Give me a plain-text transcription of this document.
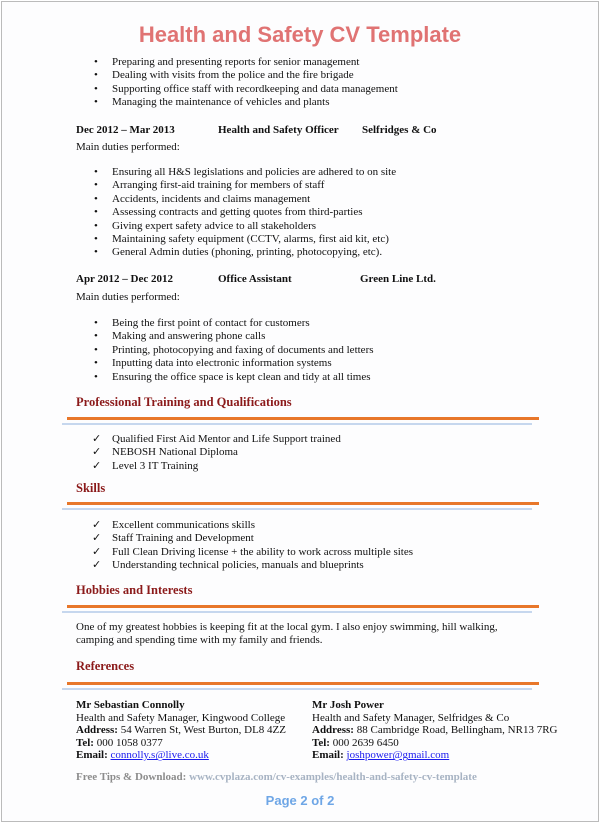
Health and Safety CV Template
• Preparing and presenting reports for senior management
• Dealing with visits from the police and the fire brigade
• Supporting office staff with recordkeeping and data management
• Managing the maintenance of vehicles and plants
Dec 2012 – Mar 2013	Health and Safety Officer Selfridges & Co
Main duties performed:
• Ensuring all H&S legislations and policies are adhered to on site
• Arranging first-aid training for members of staff
• Accidents, incidents and claims management
• Assessing contracts and getting quotes from third-parties
• Giving expert safety advice to all stakeholders
• Maintaining safety equipment (CCTV, alarms, first aid kit, etc)
• General Admin duties (phoning, printing, photocopying, etc).
Apr 2012 – Dec 2012	Office Assistant	Green Line Ltd.
Main duties performed:
• Being the first point of contact for customers
• Making and answering phone calls
• Printing, photocopying and faxing of documents and letters
• Inputting data into electronic information systems
• Ensuring the office space is kept clean and tidy at all times
Professional Training and Qualifications
✓ Qualified First Aid Mentor and Life Support trained
✓ NEBOSH National Diploma
✓ Level 3 IT Training
Skills
✓ Excellent communications skills
✓ Staff Training and Development
✓ Full Clean Driving license + the ability to work across multiple sites
✓ Understanding technical policies, manuals and blueprints
Hobbies and Interests
One of my greatest hobbies is keeping fit at the local gym. I also enjoy swimming, hill walking, camping and spending time with my family and friends.
References
Mr Sebastian Connolly
Health and Safety Manager, Kingwood College
Address: 54 Warren St, West Burton, DL8 4ZZ
Tel: 000 1058 0377
Email: connolly.s@live.co.uk
Mr Josh Power
Health and Safety Manager, Selfridges & Co
Address: 88 Cambridge Road, Bellingham, NR13 7RG
Tel: 000 2639 6450
Email: joshpower@gmail.com
Free Tips & Download: www.cvplaza.com/cv-examples/health-and-safety-cv-template
Page 2 of 2
